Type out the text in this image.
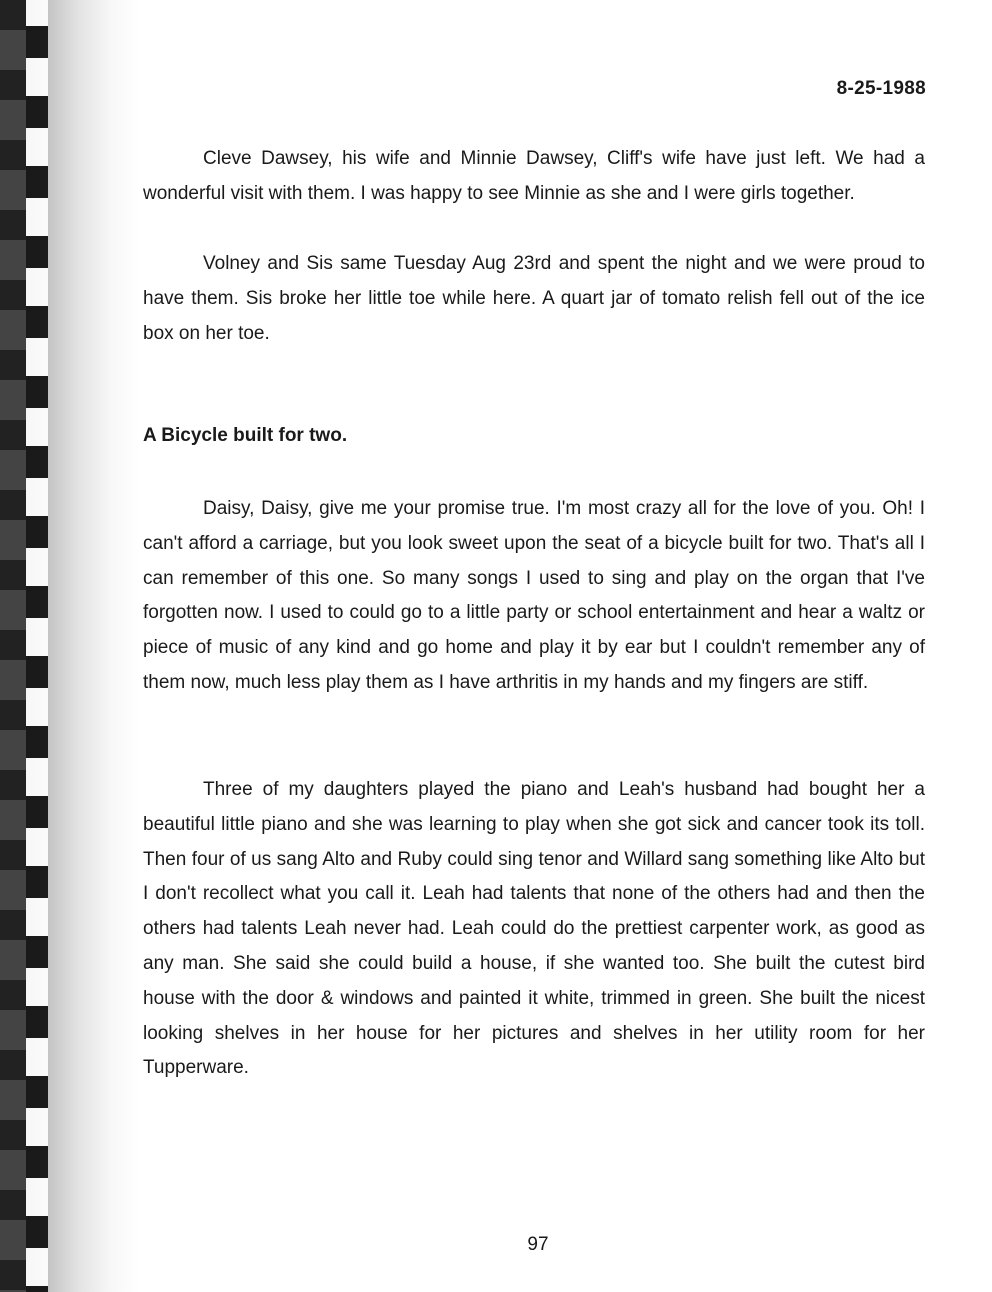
8-25-1988

Cleve Dawsey, his wife and Minnie Dawsey, Cliff's wife have just left. We had a wonderful visit with them. I was happy to see Minnie as she and I were girls together.

Volney and Sis same Tuesday Aug 23rd and spent the night and we were proud to have them. Sis broke her little toe while here. A quart jar of tomato relish fell out of the ice box on her toe.

A Bicycle built for two.

Daisy, Daisy, give me your promise true. I'm most crazy all for the love of you. Oh! I can't afford a carriage, but you look sweet upon the seat of a bicycle built for two. That's all I can remember of this one. So many songs I used to sing and play on the organ that I've forgotten now. I used to could go to a little party or school entertainment and hear a waltz or piece of music of any kind and go home and play it by ear but I couldn't remember any of them now, much less play them as I have arthritis in my hands and my fingers are stiff.

Three of my daughters played the piano and Leah's husband had bought her a beautiful little piano and she was learning to play when she got sick and cancer took its toll. Then four of us sang Alto and Ruby could sing tenor and Willard sang something like Alto but I don't recollect what you call it. Leah had talents that none of the others had and then the others had talents Leah never had. Leah could do the prettiest carpenter work, as good as any man. She said she could build a house, if she wanted too. She built the cutest bird house with the door & windows and painted it white, trimmed in green. She built the nicest looking shelves in her house for her pictures and shelves in her utility room for her Tupperware.

97
